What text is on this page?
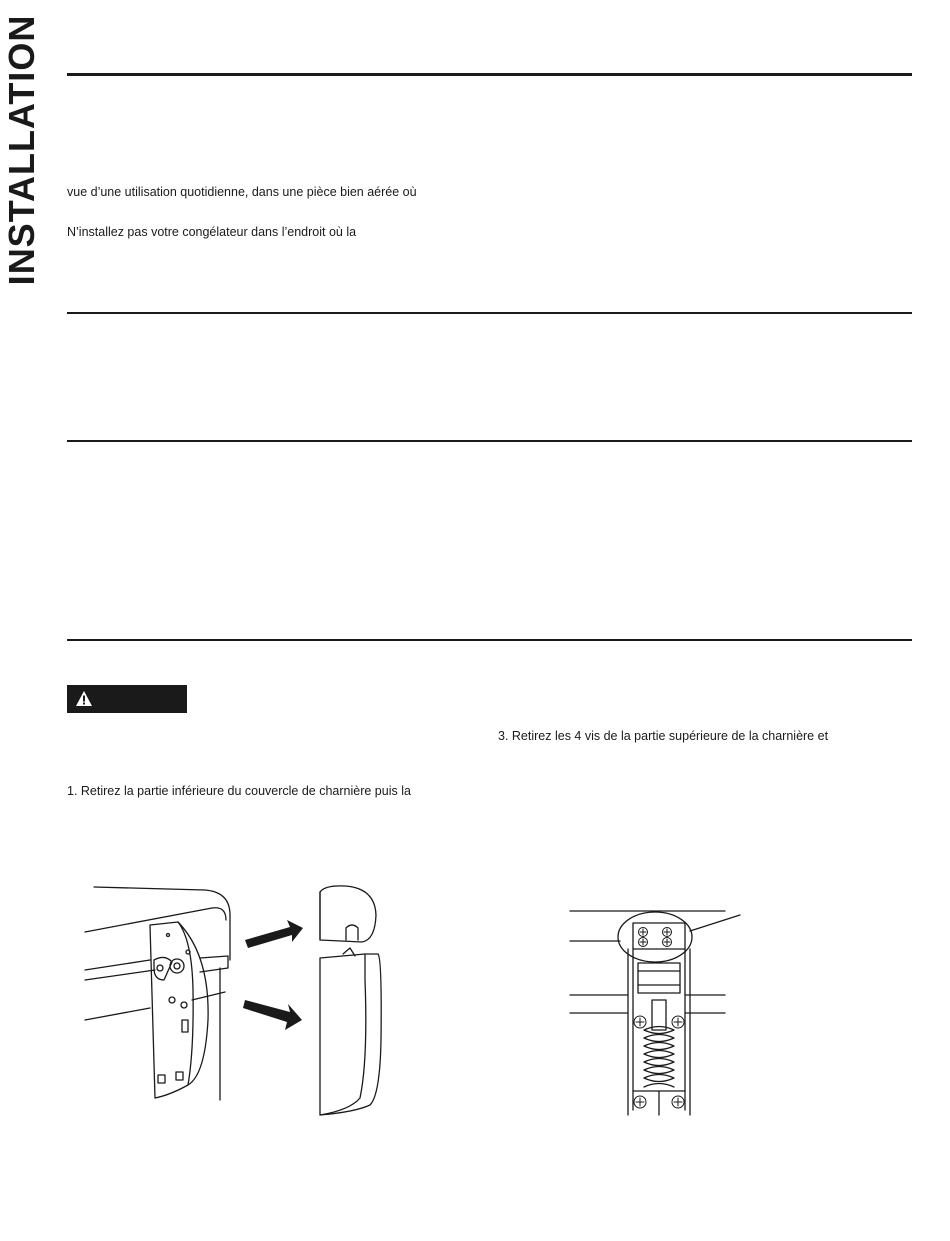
INSTALLATION vue d’une utilisation quotidienne, dans une pièce bien aérée où
N’installez pas votre congélateur dans l’endroit où la
3. Retirez les 4 vis de la partie supérieure de la charnière et
1. Retirez la partie inférieure du couvercle de charnière puis la
